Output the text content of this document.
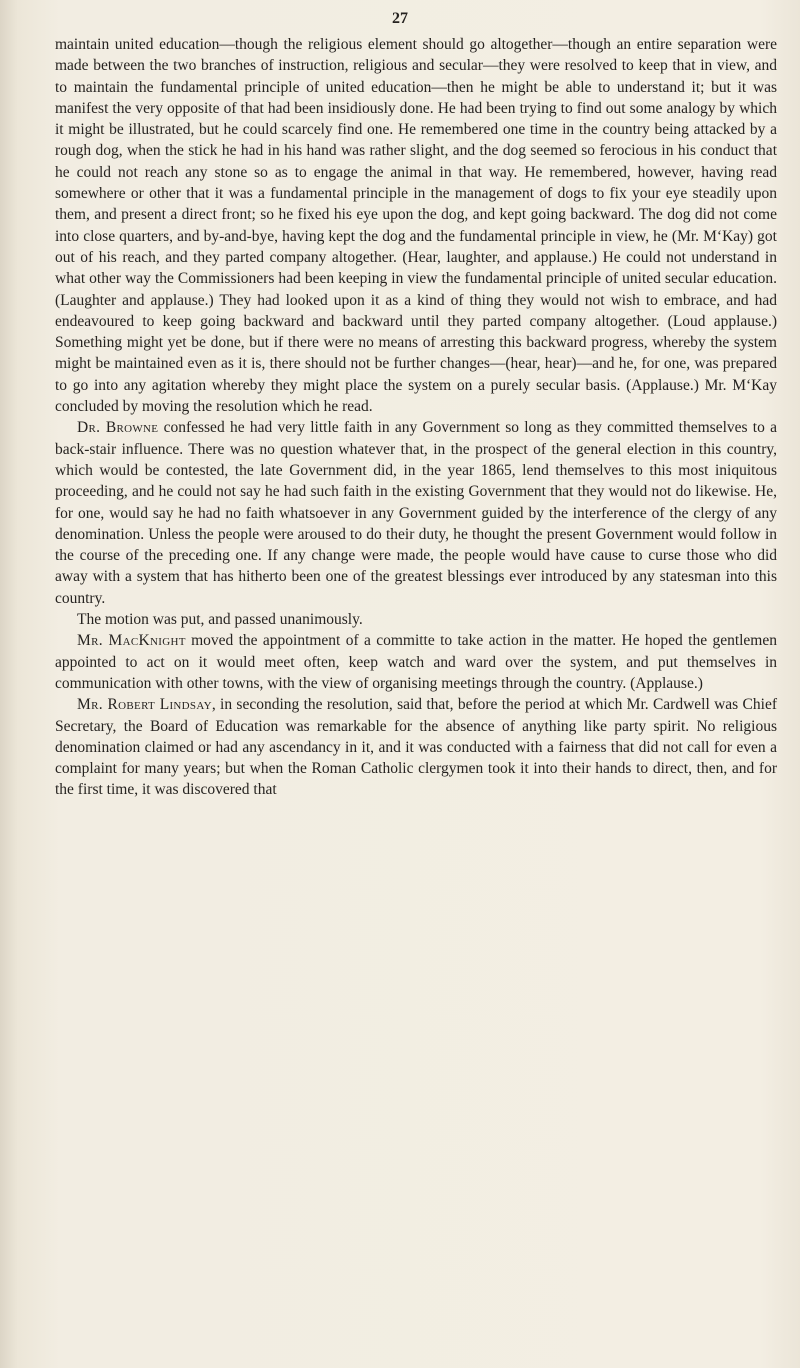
27

maintain united education—though the religious element should go altogether—though an entire separation were made between the two branches of instruction, religious and secular—they were resolved to keep that in view, and to maintain the fundamental principle of united education—then he might be able to understand it; but it was manifest the very opposite of that had been insidiously done. He had been trying to find out some analogy by which it might be illustrated, but he could scarcely find one. He remembered one time in the country being attacked by a rough dog, when the stick he had in his hand was rather slight, and the dog seemed so ferocious in his conduct that he could not reach any stone so as to engage the animal in that way. He remembered, however, having read somewhere or other that it was a fundamental principle in the management of dogs to fix your eye steadily upon them, and present a direct front; so he fixed his eye upon the dog, and kept going backward. The dog did not come into close quarters, and by-and-bye, having kept the dog and the fundamental principle in view, he (Mr. M‘Kay) got out of his reach, and they parted company altogether. (Hear, laughter, and applause.) He could not understand in what other way the Commissioners had been keeping in view the fundamental principle of united secular education. (Laughter and applause.) They had looked upon it as a kind of thing they would not wish to embrace, and had endeavoured to keep going backward and backward until they parted company altogether. (Loud applause.) Something might yet be done, but if there were no means of arresting this backward progress, whereby the system might be maintained even as it is, there should not be further changes—(hear, hear)—and he, for one, was prepared to go into any agitation whereby they might place the system on a purely secular basis. (Applause.) Mr. M‘Kay concluded by moving the resolution which he read.

Dr. Browne confessed he had very little faith in any Government so long as they committed themselves to a back-stair influence. There was no question whatever that, in the prospect of the general election in this country, which would be contested, the late Government did, in the year 1865, lend themselves to this most iniquitous proceeding, and he could not say he had such faith in the existing Government that they would not do likewise. He, for one, would say he had no faith whatsoever in any Government guided by the interference of the clergy of any denomination. Unless the people were aroused to do their duty, he thought the present Government would follow in the course of the preceding one. If any change were made, the people would have cause to curse those who did away with a system that has hitherto been one of the greatest blessings ever introduced by any statesman into this country.

The motion was put, and passed unanimously.

Mr. MacKnight moved the appointment of a committe to take action in the matter. He hoped the gentlemen appointed to act on it would meet often, keep watch and ward over the system, and put themselves in communication with other towns, with the view of organising meetings through the country. (Applause.)

Mr. Robert Lindsay, in seconding the resolution, said that, before the period at which Mr. Cardwell was Chief Secretary, the Board of Education was remarkable for the absence of anything like party spirit. No religious denomination claimed or had any ascendancy in it, and it was conducted with a fairness that did not call for even a complaint for many years; but when the Roman Catholic clergymen took it into their hands to direct, then, and for the first time, it was discovered that
